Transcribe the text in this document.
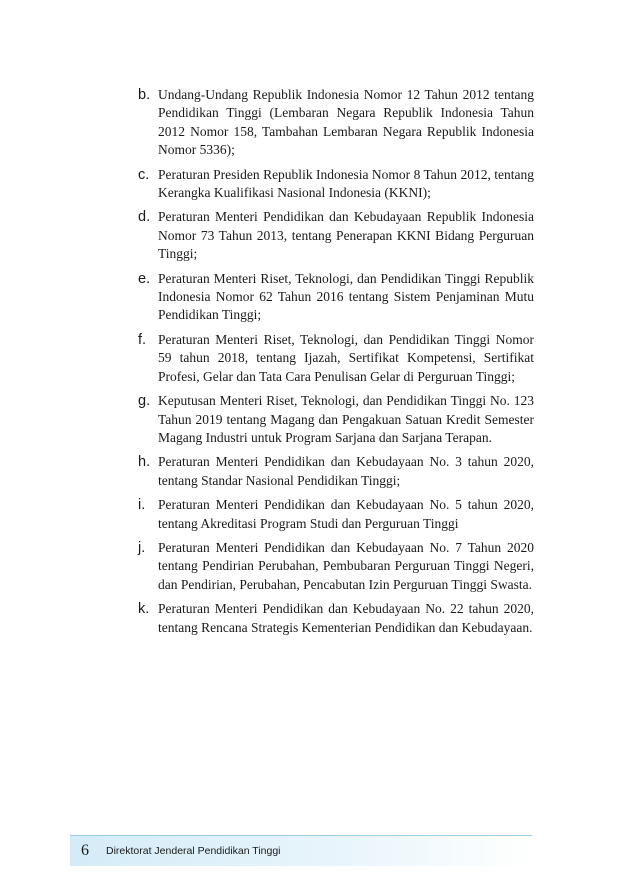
b. Undang-Undang Republik Indonesia Nomor 12 Tahun 2012 tentang Pendidikan Tinggi (Lembaran Negara Republik Indonesia Tahun 2012 Nomor 158, Tambahan Lembaran Negara Republik Indonesia Nomor 5336);
c. Peraturan Presiden Republik Indonesia Nomor 8 Tahun 2012, tentang Kerangka Kualifikasi Nasional Indonesia (KKNI);
d. Peraturan Menteri Pendidikan dan Kebudayaan Republik Indonesia Nomor 73 Tahun 2013, tentang Penerapan KKNI Bidang Perguruan Tinggi;
e. Peraturan Menteri Riset, Teknologi, dan Pendidikan Tinggi Republik Indonesia Nomor 62 Tahun 2016 tentang Sistem Penjaminan Mutu Pendidikan Tinggi;
f. Peraturan Menteri Riset, Teknologi, dan Pendidikan Tinggi Nomor 59 tahun 2018, tentang Ijazah, Sertifikat Kompetensi, Sertifikat Profesi, Gelar dan Tata Cara Penulisan Gelar di Perguruan Tinggi;
g. Keputusan Menteri Riset, Teknologi, dan Pendidikan Tinggi No. 123 Tahun 2019 tentang Magang dan Pengakuan Satuan Kredit Semester Magang Industri untuk Program Sarjana dan Sarjana Terapan.
h. Peraturan Menteri Pendidikan dan Kebudayaan No. 3 tahun 2020, tentang Standar Nasional Pendidikan Tinggi;
i. Peraturan Menteri Pendidikan dan Kebudayaan No. 5 tahun 2020, tentang Akreditasi Program Studi dan Perguruan Tinggi
j. Peraturan Menteri Pendidikan dan Kebudayaan No. 7 Tahun 2020 tentang Pendirian Perubahan, Pembubaran Perguruan Tinggi Negeri, dan Pendirian, Perubahan, Pencabutan Izin Perguruan Tinggi Swasta.
k. Peraturan Menteri Pendidikan dan Kebudayaan No. 22 tahun 2020, tentang Rencana Strategis Kementerian Pendidikan dan Kebudayaan.
6	Direktorat Jenderal Pendidikan Tinggi
